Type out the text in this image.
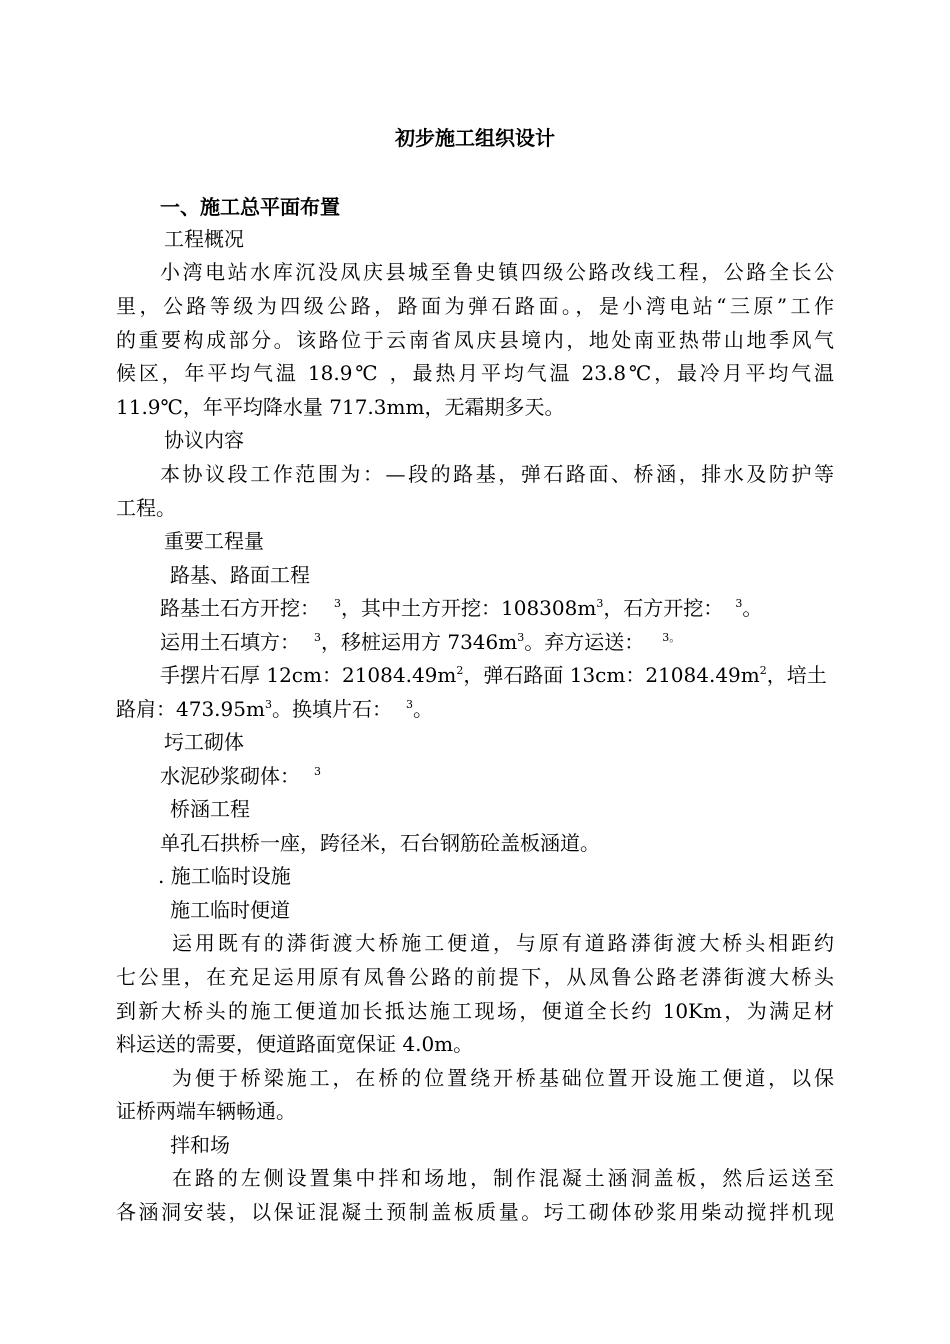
初步施工组织设计
一、施工总平面布置
工程概况
小湾电站水库沉没凤庆县城至鲁史镇四级公路改线工程，公路全长公
里，公路等级为四级公路，路面为弹石路面。，是小湾电站“三原”工作
的重要构成部分。该路位于云南省凤庆县境内，地处南亚热带山地季风气
候区，年平均气温 18.9℃ ，最热月平均气温 23.8℃，最冷月平均气温
11.9℃，年平均降水量 717.3mm，无霜期多天。
协议内容
本协议段工作范围为：—段的路基，弹石路面、桥涵，排水及防护等
工程。
重要工程量
路基、路面工程
路基土石方开挖： $^3$，其中土方开挖：$108308m^3$，石方开挖： $^3$。
运用土石填方： $^3$，移桩运用方 $7346m^3$。弃方运送： $^{3。}$
手摆片石厚 12cm：$21084.49m^2$，弹石路面 13cm：$21084.49m^2$，培土
路肩：$473.95m^3$。换填片石： $^3$。
圬工砌体
水泥砂浆砌体： $^3$
桥涵工程
单孔石拱桥一座，跨径米，石台钢筋砼盖板涵道。
. 施工临时设施
施工临时便道
运用既有的漭街渡大桥施工便道，与原有道路漭街渡大桥头相距约
七公里，在充足运用原有凤鲁公路的前提下，从凤鲁公路老漭街渡大桥头
到新大桥头的施工便道加长抵达施工现场，便道全长约 10Km，为满足材
料运送的需要，便道路面宽保证 4.0m。
为便于桥梁施工，在桥的位置绕开桥基础位置开设施工便道，以保
证桥两端车辆畅通。
拌和场
在路的左侧设置集中拌和场地，制作混凝土涵洞盖板，然后运送至
各涵洞安装，以保证混凝土预制盖板质量。圬工砌体砂浆用柴动搅拌机现
